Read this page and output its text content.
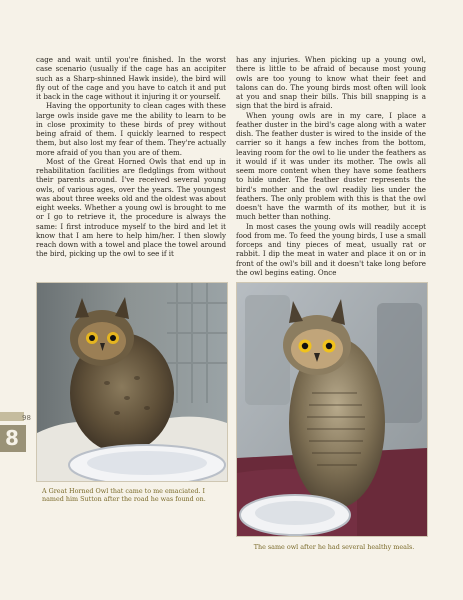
cage and wait until you're finished. In the worst case scenario (usually if the cage has an accipiter such as a Sharp-shinned Hawk inside), the bird will fly out of the cage and you have to catch it and put it back in the cage without it injuring it or yourself.

Having the opportunity to clean cages with these large owls inside gave me the ability to learn to be in close proximity to these birds of prey without being afraid of them. I quickly learned to respect them, but also lost my fear of them. They're actually more afraid of you than you are of them.

Most of the Great Horned Owls that end up in rehabilitation facilities are fledglings from without their parents around. I've received several young owls, of various ages, over the years. The youngest was about three weeks old and the oldest was about eight weeks. Whether a young owl is brought to me or I go to retrieve it, the procedure is always the same: I first introduce myself to the bird and let it know that I am here to help him/her. I then slowly reach down with a towel and place the towel around the bird, picking up the owl to see if it

has any injuries. When picking up a young owl, there is little to be afraid of because most young owls are too young to know what their feet and talons can do. The young birds most often will look at you and snap their bills. This bill snapping is a sign that the bird is afraid.

When young owls are in my care, I place a feather duster in the bird's cage along with a water dish. The feather duster is wired to the inside of the carrier so it hangs a few inches from the bottom, leaving room for the owl to lie under the feathers as it would if it was under its mother. The owls all seem more content when they have some feathers to hide under. The feather duster represents the bird's mother and the owl readily lies under the feathers. The only problem with this is that the owl doesn't have the warmth of its mother, but it is much better than nothing.

In most cases the young owls will readily accept food from me. To feed the young birds, I use a small forceps and tiny pieces of meat, usually rat or rabbit. I dip the meat in water and place it on or in front of the owl's bill and it doesn't take long before the owl begins eating. Once

A Great Horned Owl that came to me emaciated. I named him Sutton after the road he was found on.
The same owl after he had several healthy meals.
98
8
